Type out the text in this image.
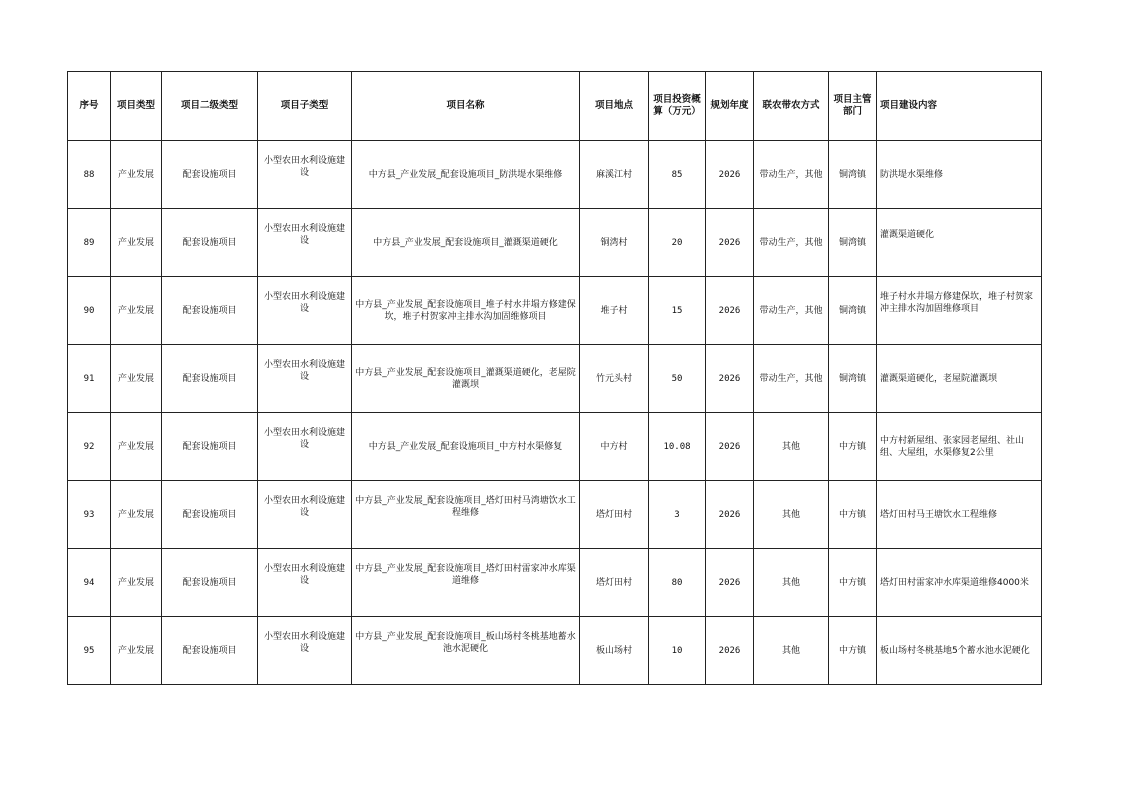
序号	项目类型	项目二级类型	项目子类型	项目名称	项目地点	项目投资概算（万元）	规划年度	联农带农方式	项目主管部门	项目建设内容
88	产业发展	配套设施项目	小型农田水利设施建设	中方县_产业发展_配套设施项目_防洪堤水渠维修	麻溪江村	85	2026	带动生产，其他	铜湾镇	防洪堤水渠维修
89	产业发展	配套设施项目	小型农田水利设施建设	中方县_产业发展_配套设施项目_灌溉渠道硬化	铜湾村	20	2026	带动生产，其他	铜湾镇	灌溉渠道硬化

90	产业发展	配套设施项目	小型农田水利设施建设	中方县_产业发展_配套设施项目_堆子村水井塌方修建保坎，堆子村贺家冲主排水沟加固维修项目	堆子村	15	2026	带动生产，其他	铜湾镇	堆子村水井塌方修建保坎，堆子村贺家冲主排水沟加固维修项目

91	产业发展	配套设施项目	小型农田水利设施建设	中方县_产业发展_配套设施项目_灌溉渠道硬化，老屋院灌溉坝	竹元头村	50	2026	带动生产，其他	铜湾镇	灌溉渠道硬化，老屋院灌溉坝
92	产业发展	配套设施项目	小型农田水利设施建设	中方县_产业发展_配套设施项目_中方村水渠修复	中方村	10.08	2026	其他	中方镇	中方村新屋组、张家园老屋组、社山组、大屋组，水渠修复2公里
93	产业发展	配套设施项目	小型农田水利设施建设	中方县_产业发展_配套设施项目_塔灯田村马湾塘饮水工程维修	塔灯田村	3	2026	其他	中方镇	塔灯田村马王塘饮水工程维修
94	产业发展	配套设施项目	小型农田水利设施建设	中方县_产业发展_配套设施项目_塔灯田村雷家冲水库渠道维修	塔灯田村	80	2026	其他	中方镇	塔灯田村雷家冲水库渠道维修4000米
95	产业发展	配套设施项目	小型农田水利设施建设	中方县_产业发展_配套设施项目_板山场村冬桃基地蓄水池水泥硬化	板山场村	10	2026	其他	中方镇	板山场村冬桃基地5个蓄水池水泥硬化
